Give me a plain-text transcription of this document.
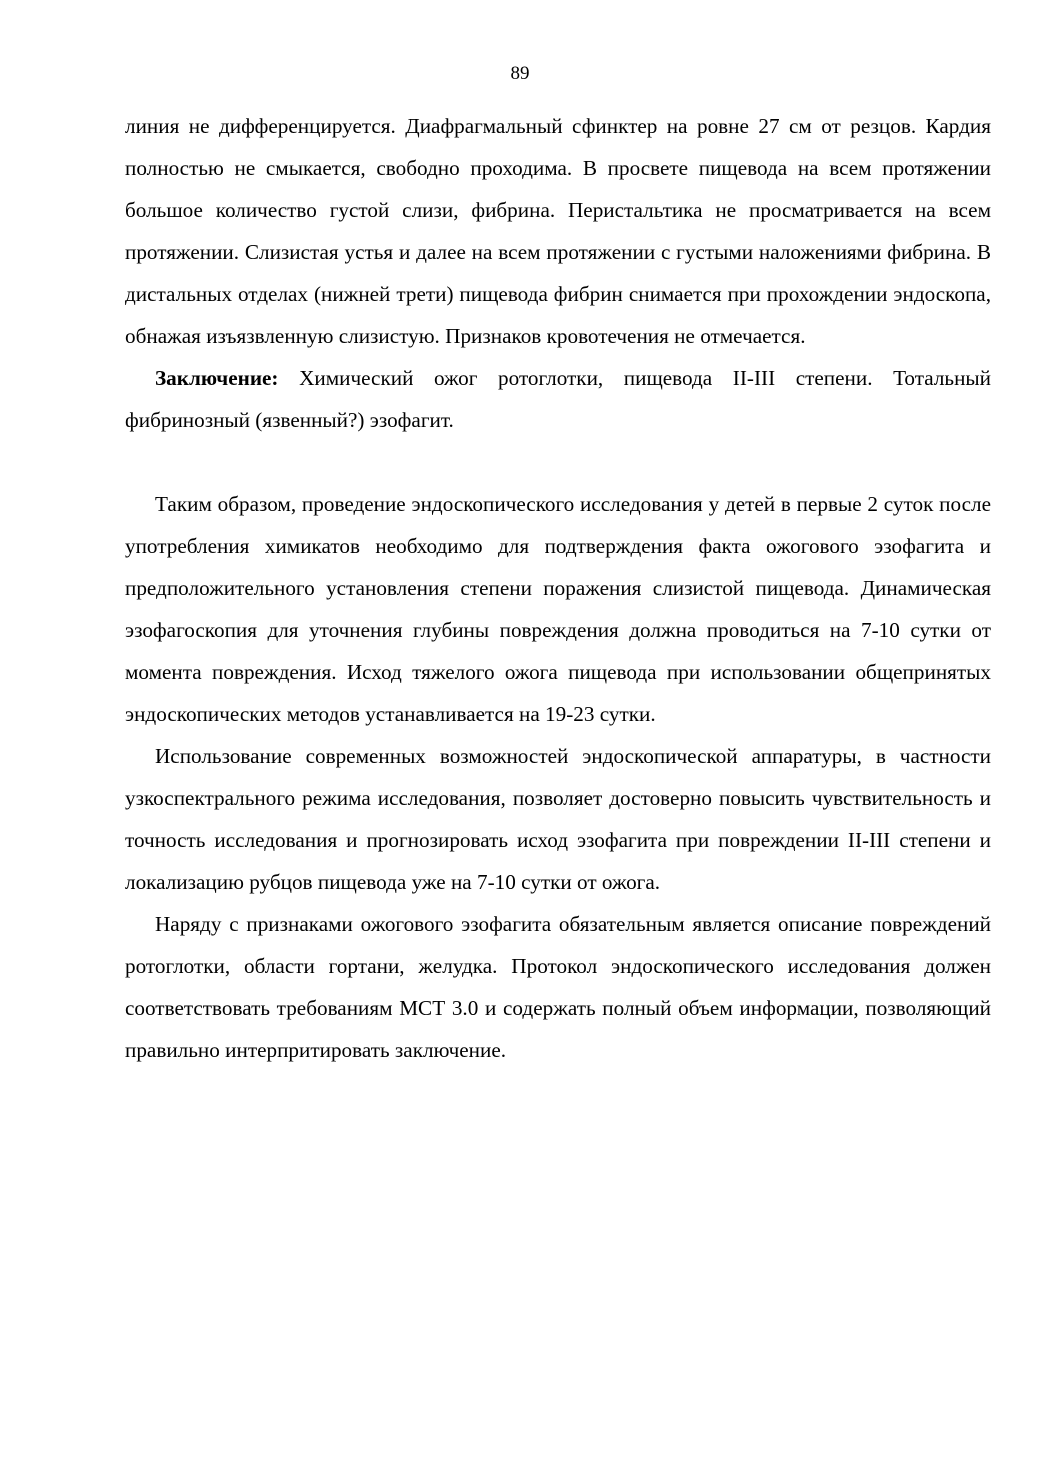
89

линия не дифференцируется. Диафрагмальный сфинктер на ровне 27 см от резцов. Кардия полностью не смыкается, свободно проходима. В просвете пищевода на всем протяжении большое количество густой слизи, фибрина. Перистальтика не просматривается на всем протяжении. Слизистая устья и далее на всем протяжении с густыми наложениями фибрина. В дистальных отделах (нижней трети) пищевода фибрин снимается при прохождении эндоскопа, обнажая изъязвленную слизистую. Признаков кровотечения не отмечается.

Заключение: Химический ожог ротоглотки, пищевода II-III степени. Тотальный фибринозный (язвенный?) эзофагит.

Таким образом, проведение эндоскопического исследования у детей в первые 2 суток после употребления химикатов необходимо для подтверждения факта ожогового эзофагита и предположительного установления степени поражения слизистой пищевода. Динамическая эзофагоскопия для уточнения глубины повреждения должна проводиться на 7-10 сутки от момента повреждения. Исход тяжелого ожога пищевода при использовании общепринятых эндоскопических методов устанавливается на 19-23 сутки.

Использование современных возможностей эндоскопической аппаратуры, в частности узкоспектрального режима исследования, позволяет достоверно повысить чувствительность и точность исследования и прогнозировать исход эзофагита при повреждении II-III степени и локализацию рубцов пищевода уже на 7-10 сутки от ожога.

Наряду с признаками ожогового эзофагита обязательным является описание повреждений ротоглотки, области гортани, желудка. Протокол эндоскопического исследования должен соответствовать требованиям МСТ 3.0 и содержать полный объем информации, позволяющий правильно интерпритировать заключение.
